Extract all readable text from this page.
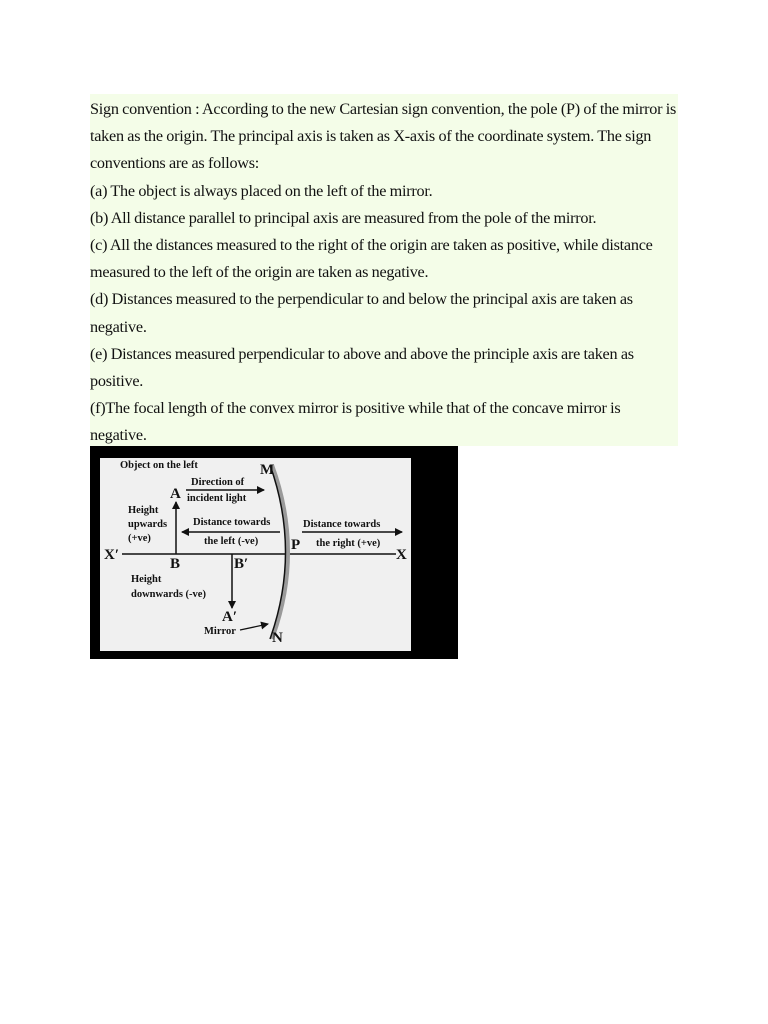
Sign convention : According to the new Cartesian sign convention, the pole (P) of the mirror is taken as the origin. The principal axis is taken as X-axis of the coordinate system. The sign conventions are as follows:

(a) The object is always placed on the left of the mirror.

(b) All distance parallel to principal axis are measured from the pole of the mirror.

(c) All the distances measured to the right of the origin are taken as positive, while distance measured to the left of the origin are taken as negative.

(d) Distances measured to the perpendicular to and below the principal axis are taken as negative.

(e) Distances measured perpendicular to above and above the principle axis are taken as positive.

(f)The focal length of the convex mirror is positive while that of the concave mirror is negative.

Object on the left
Direction of
incident light
Height
upwards
(+ve)
Distance towards
the left (-ve)
Distance towards
the right (+ve)
Height
downwards (-ve)
Mirror
M
N
A
A′
B	B′
P
X
X′
